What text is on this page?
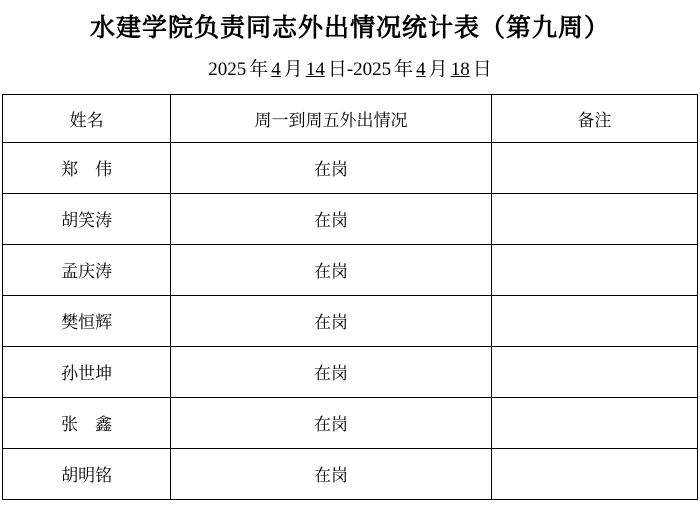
水建学院负责同志外出情况统计表（第九周）
2025 年 4 月 14 日-2025 年 4 月 18 日
姓名	周一到周五外出情况	备注
郑　伟	在岗	
胡笑涛	在岗	
孟庆涛	在岗	
樊恒辉	在岗	
孙世坤	在岗	
张　鑫	在岗	
胡明铭	在岗	
